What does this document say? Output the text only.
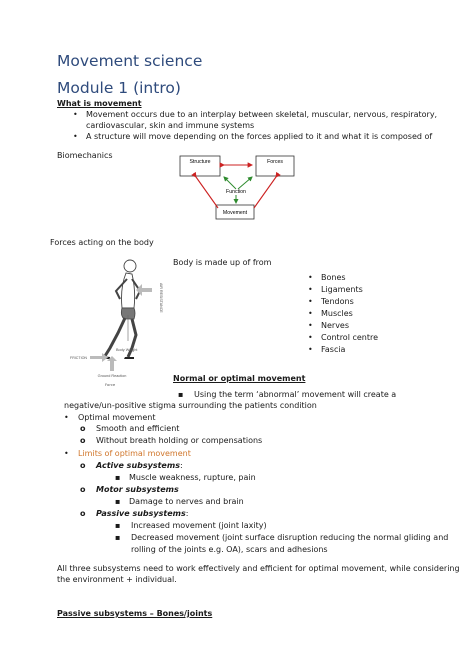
Movement science
Module 1 (intro)
What is movement
• Movement occurs due to an interplay between skeletal, muscular, nervous, respiratory,
cardiovascular, skin and immune systems
• A structure will move depending on the forces applied to it and what it is composed of
Biomechanics
Structure	Forces
Function
Movement
Forces acting on the body
AIR RESISTANCE
Body Weight
FRICTION
Ground Reaction
Force
Body is made up of from
• Bones
• Ligaments
• Tendons
• Muscles
• Nerves
• Control centre
• Fascia
Normal or optimal movement
▪ Using the term ‘abnormal’ movement will create a
negative/un-positive stigma surrounding the patients condition
• Optimal movement
o Smooth and efficient
o Without breath holding or compensations
• Limits of optimal movement
o Active subsystems:
▪ Muscle weakness, rupture, pain
o Motor subsystems
▪ Damage to nerves and brain
o Passive subsystems:
▪ Increased movement (joint laxity)
▪ Decreased movement (joint surface disruption reducing the normal gliding and
rolling of the joints e.g. OA), scars and adhesions
All three subsystems need to work effectively and efficient for optimal movement, while considering
the environment + individual.
Passive subsystems – Bones/joints
